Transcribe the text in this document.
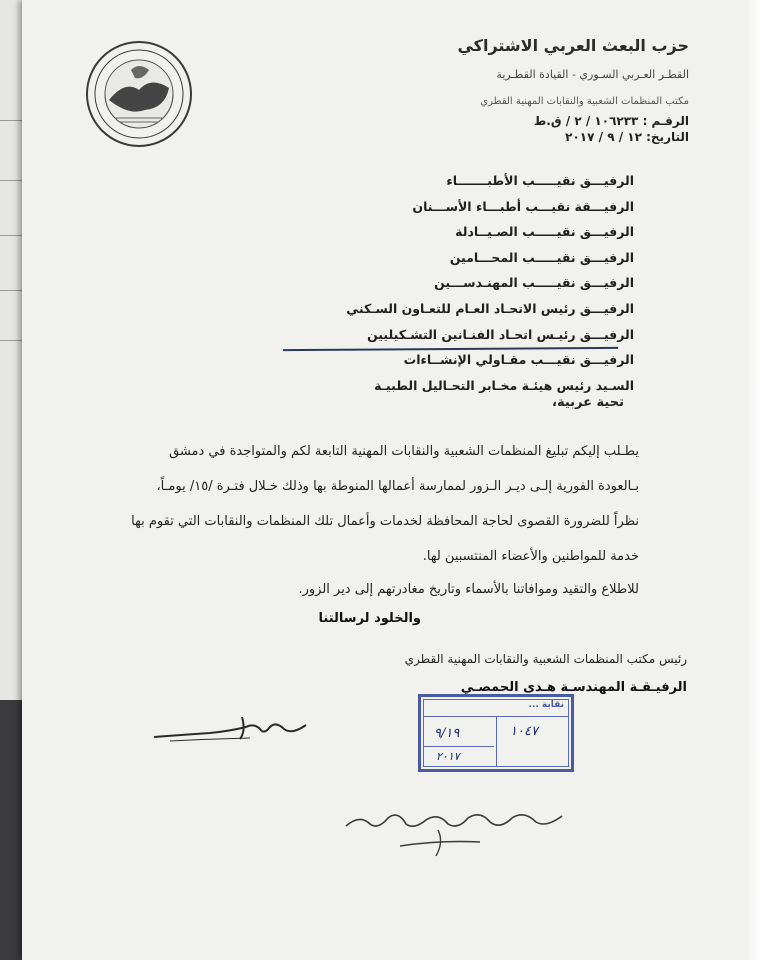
حزب البعث العربي الاشتراكي
القطـر العـربي السـوري - القيادة القطـرية
مكتب المنظمات الشعبية والنقابات المهنية القطري
الرقـم : ١٠٦٢٣٣ / ٢ / ق.ط
التاريخ: ١٢ / ٩ / ٢٠١٧
الرفيـــق نقيـــــب الأطبـــــــاء
الرفيـــقة نقيـــب أطبـــاء الأســـنان
الرفيـــق نقيـــــب الصـيــادلة
الرفيـــق نقيـــــب المحـــامين
الرفيـــق نقيـــــب المهنـدســـين
الرفيـــق رئيس الاتحـاد العـام للتعـاون السـكني
الرفيـــق رئيـس اتحـاد الفنـانين التشـكيليين
الرفيـــق نقيـــب مقـاولي الإنشــاءات
السـيد رئيس هيئـة مخـابر التحـاليل الطبيـة
تحية عربية،
يطـلب إليكم تبليغ المنظمات الشعبية والنقابات المهنية التابعة لكم والمتواجدة في دمشق
بـالعودة الفورية إلـى ديـر الـزور لممارسة أعمالها المنوطة بها وذلك خـلال فتـرة /١٥/ يومـاً،
نظراً للضرورة القصوى لحاجة المحافظة لخدمات وأعمال تلك المنظمات والنقابات التي تقوم بها
خدمة للمواطنين والأعضاء المنتسبين لها.
للاطلاع والتقيد وموافاتنا بالأسماء وتاريخ مغادرتهم إلى دير الزور.
والخلود لرسالتنا
رئيس مكتب المنظمات الشعبية والنقابات المهنية القطري
الرفيـقـة المهندسـة هـدى الحمصـي
نقابة ...
١٠٤٧
٩/١٩
٢٠١٧
